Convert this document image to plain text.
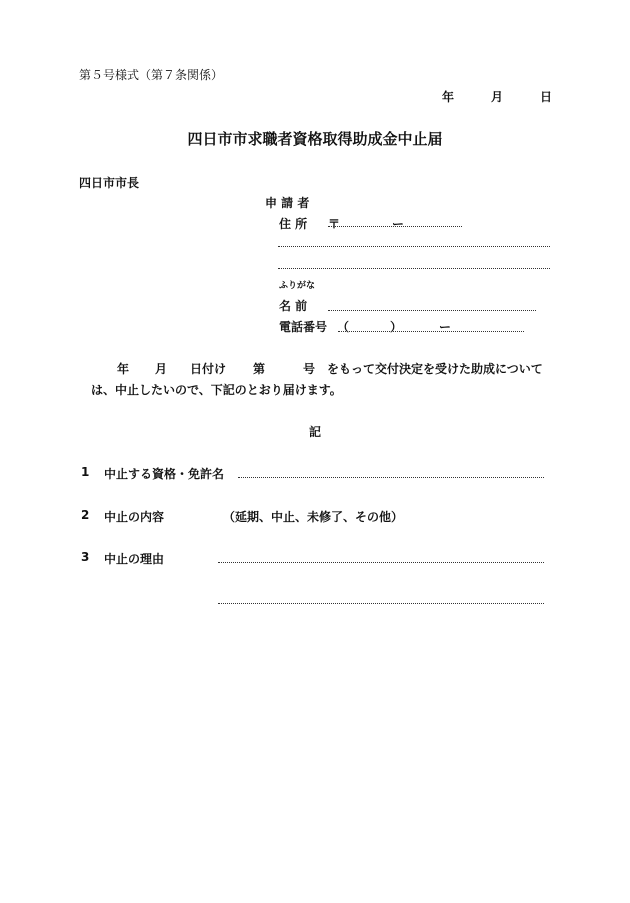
第５号様式（第７条関係）
年	月	日
四日市市求職者資格取得助成金中止届
四日市市長
申 請 者
住 所 〒	ー
ふりがな
名 前
電話番号 （	）	ー
年 月 日付け 第	号 をもって交付決定を受けた助成について
は、中止したいので、下記のとおり届けます。
記
1 中止する資格・免許名
2 中止の内容	（延期、中止、未修了、その他）
3 中止の理由
